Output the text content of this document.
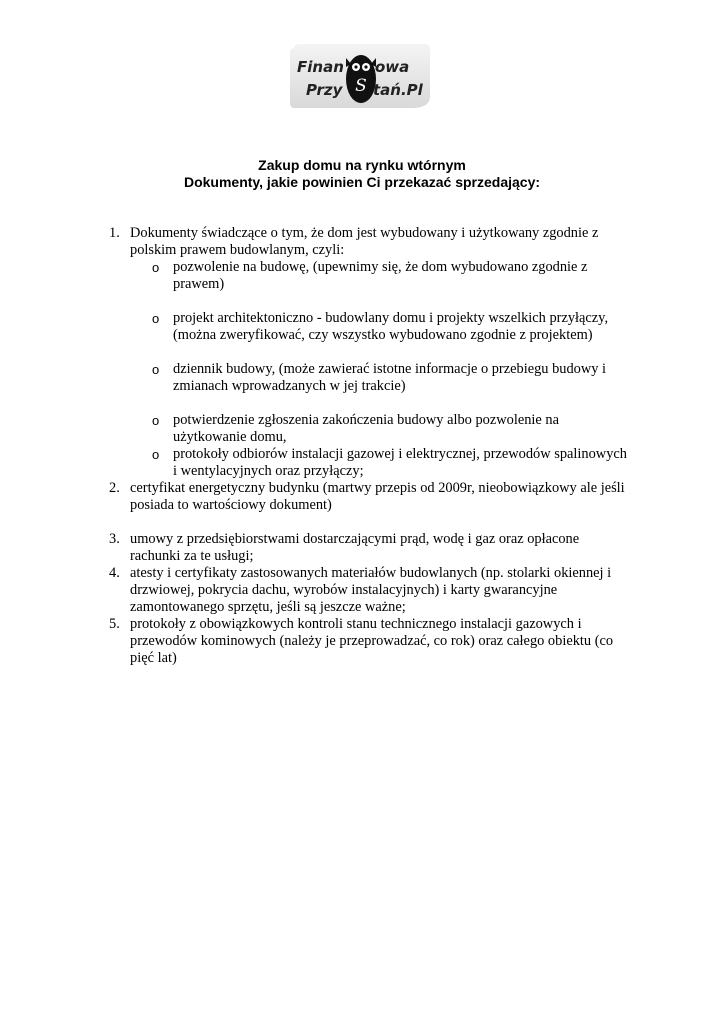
S
Finan owa
Przy tań.Pl
Zakup domu na rynku wtórnym
Dokumenty, jakie powinien Ci przekazać sprzedający:
1. Dokumenty świadczące o tym, że dom jest wybudowany i użytkowany zgodnie z
polskim prawem budowlanym, czyli:
o pozwolenie na budowę, (upewnimy się, że dom wybudowano zgodnie z
prawem)
o projekt architektoniczno - budowlany domu i projekty wszelkich przyłączy,
(można zweryfikować, czy wszystko wybudowano zgodnie z projektem)
o dziennik budowy, (może zawierać istotne informacje o przebiegu budowy i
zmianach wprowadzanych w jej trakcie)
o potwierdzenie zgłoszenia zakończenia budowy albo pozwolenie na
użytkowanie domu,
o protokoły odbiorów instalacji gazowej i elektrycznej, przewodów spalinowych
i wentylacyjnych oraz przyłączy;
2. certyfikat energetyczny budynku (martwy przepis od 2009r, nieobowiązkowy ale jeśli
posiada to wartościowy dokument)
3. umowy z przedsiębiorstwami dostarczającymi prąd, wodę i gaz oraz opłacone
rachunki za te usługi;
4. atesty i certyfikaty zastosowanych materiałów budowlanych (np. stolarki okiennej i
drzwiowej, pokrycia dachu, wyrobów instalacyjnych) i karty gwarancyjne
zamontowanego sprzętu, jeśli są jeszcze ważne;
5. protokoły z obowiązkowych kontroli stanu technicznego instalacji gazowych i
przewodów kominowych (należy je przeprowadzać, co rok) oraz całego obiektu (co
pięć lat)
